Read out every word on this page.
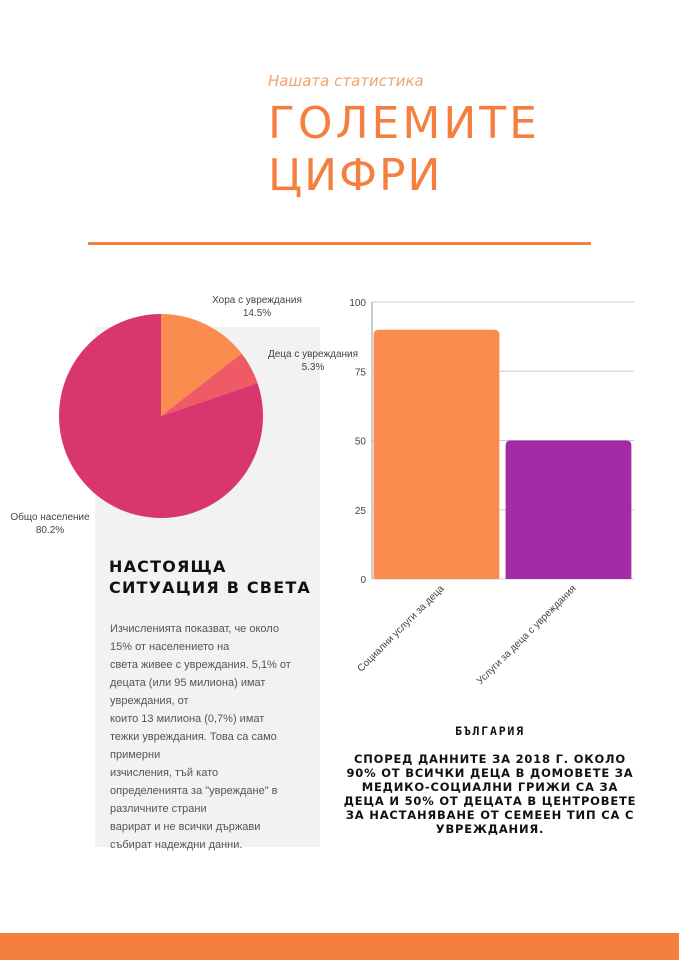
Нашата статистика
ГОЛЕМИТЕ
ЦИФРИ
Хора с увреждания
14.5%
Деца с увреждания
5.3%
Общо население
80.2%
0
25
50
75
100
Социални услуги за деца	Услуги за деца с увреждания
НАСТОЯЩА СИТУАЦИЯ В СВЕТА
Изчисленията показват, че около
15% от населението на
света живее с увреждания. 5,1% от
децата (или 95 милиона) имат
увреждания, от
които 13 милиона (0,7%) имат
тежки увреждания. Това са само
примерни
изчисления, тъй като
определенията за "увреждане" в
различните страни
варират и не всички държави
събират надеждни данни.
БЪЛГАРИЯ
СПОРЕД ДАННИТЕ ЗА 2018 Г. ОКОЛО 90% ОТ ВСИЧКИ ДЕЦА В ДОМОВЕТЕ ЗА МЕДИКО-СОЦИАЛНИ ГРИЖИ СА ЗА ДЕЦА И 50% ОТ ДЕЦАТА В ЦЕНТРОВЕТЕ ЗА НАСТАНЯВАНЕ ОТ СЕМЕЕН ТИП СА С УВРЕЖДАНИЯ.
